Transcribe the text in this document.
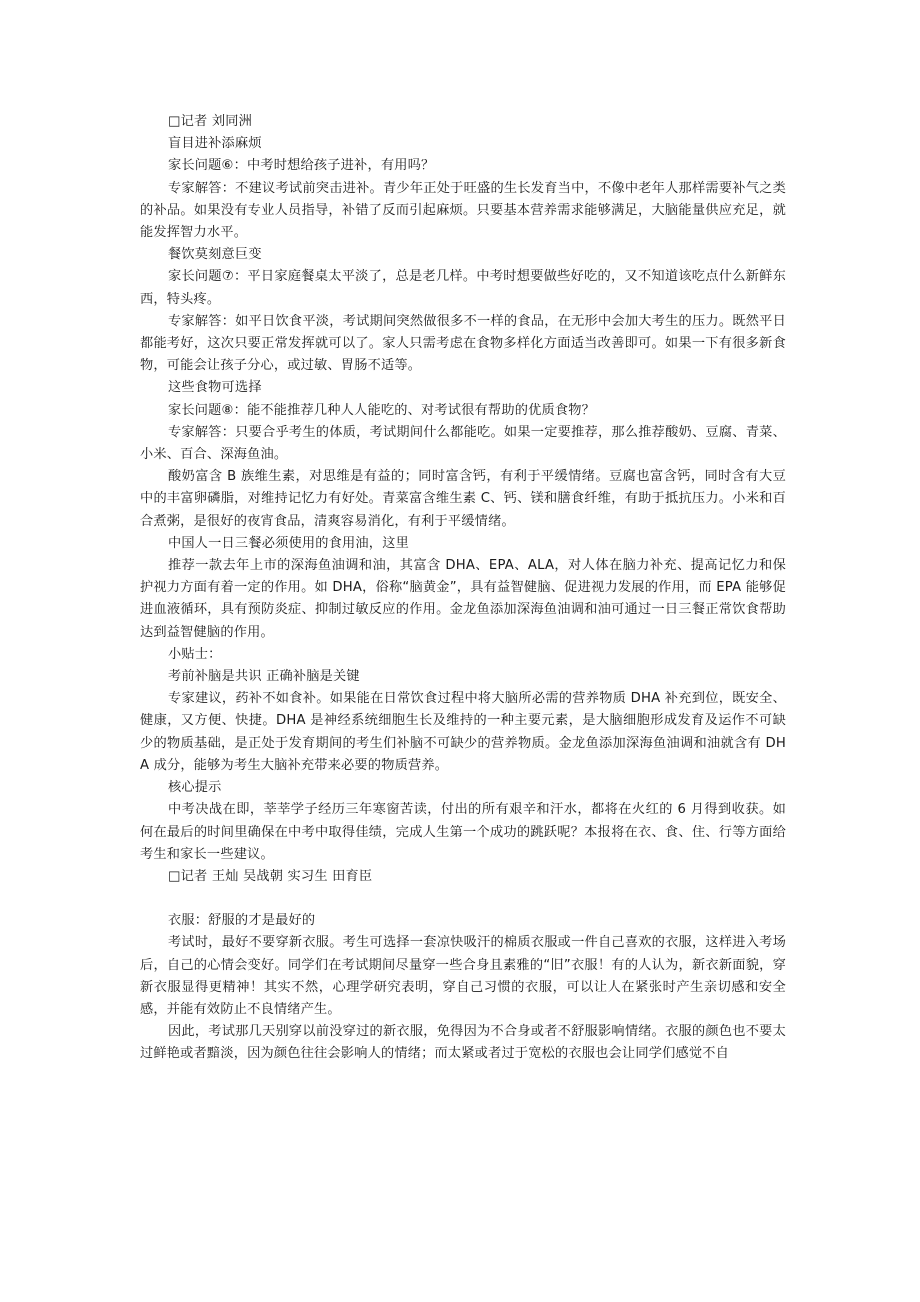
□记者 刘同洲

盲目进补添麻烦

家长问题⑥：中考时想给孩子进补，有用吗？

专家解答：不建议考试前突击进补。青少年正处于旺盛的生长发育当中，不像中老年人那样需要补气之类的补品。如果没有专业人员指导，补错了反而引起麻烦。只要基本营养需求能够满足，大脑能量供应充足，就能发挥智力水平。

餐饮莫刻意巨变

家长问题⑦：平日家庭餐桌太平淡了，总是老几样。中考时想要做些好吃的，又不知道该吃点什么新鲜东西，特头疼。

专家解答：如平日饮食平淡，考试期间突然做很多不一样的食品，在无形中会加大考生的压力。既然平日都能考好，这次只要正常发挥就可以了。家人只需考虑在食物多样化方面适当改善即可。如果一下有很多新食物，可能会让孩子分心，或过敏、胃肠不适等。

这些食物可选择

家长问题⑧：能不能推荐几种人人能吃的、对考试很有帮助的优质食物？

专家解答：只要合乎考生的体质，考试期间什么都能吃。如果一定要推荐，那么推荐酸奶、豆腐、青菜、小米、百合、深海鱼油。

酸奶富含 B 族维生素，对思维是有益的；同时富含钙，有利于平缓情绪。豆腐也富含钙，同时含有大豆中的丰富卵磷脂，对维持记忆力有好处。青菜富含维生素 C、钙、镁和膳食纤维，有助于抵抗压力。小米和百合煮粥，是很好的夜宵食品，清爽容易消化，有利于平缓情绪。

中国人一日三餐必须使用的食用油，这里

推荐一款去年上市的深海鱼油调和油，其富含 DHA、EPA、ALA，对人体在脑力补充、提高记忆力和保护视力方面有着一定的作用。如 DHA，俗称“脑黄金”，具有益智健脑、促进视力发展的作用，而 EPA 能够促进血液循环，具有预防炎症、抑制过敏反应的作用。金龙鱼添加深海鱼油调和油可通过一日三餐正常饮食帮助达到益智健脑的作用。

小贴士：

考前补脑是共识 正确补脑是关键

专家建议，药补不如食补。如果能在日常饮食过程中将大脑所必需的营养物质 DHA 补充到位，既安全、健康，又方便、快捷。DHA 是神经系统细胞生长及维持的一种主要元素，是大脑细胞形成发育及运作不可缺少的物质基础，是正处于发育期间的考生们补脑不可缺少的营养物质。金龙鱼添加深海鱼油调和油就含有 DHA 成分，能够为考生大脑补充带来必要的物质营养。

核心提示

中考决战在即，莘莘学子经历三年寒窗苦读，付出的所有艰辛和汗水，都将在火红的 6 月得到收获。如何在最后的时间里确保在中考中取得佳绩，完成人生第一个成功的跳跃呢？本报将在衣、食、住、行等方面给考生和家长一些建议。

□记者 王灿 吴战朝 实习生 田育臣

衣服：舒服的才是最好的

考试时，最好不要穿新衣服。考生可选择一套凉快吸汗的棉质衣服或一件自己喜欢的衣服，这样进入考场后，自己的心情会变好。同学们在考试期间尽量穿一些合身且素雅的“旧”衣服！有的人认为，新衣新面貌，穿新衣服显得更精神！其实不然，心理学研究表明，穿自己习惯的衣服，可以让人在紧张时产生亲切感和安全感，并能有效防止不良情绪产生。

因此，考试那几天别穿以前没穿过的新衣服，免得因为不合身或者不舒服影响情绪。衣服的颜色也不要太过鲜艳或者黯淡，因为颜色往往会影响人的情绪；而太紧或者过于宽松的衣服也会让同学们感觉不自
